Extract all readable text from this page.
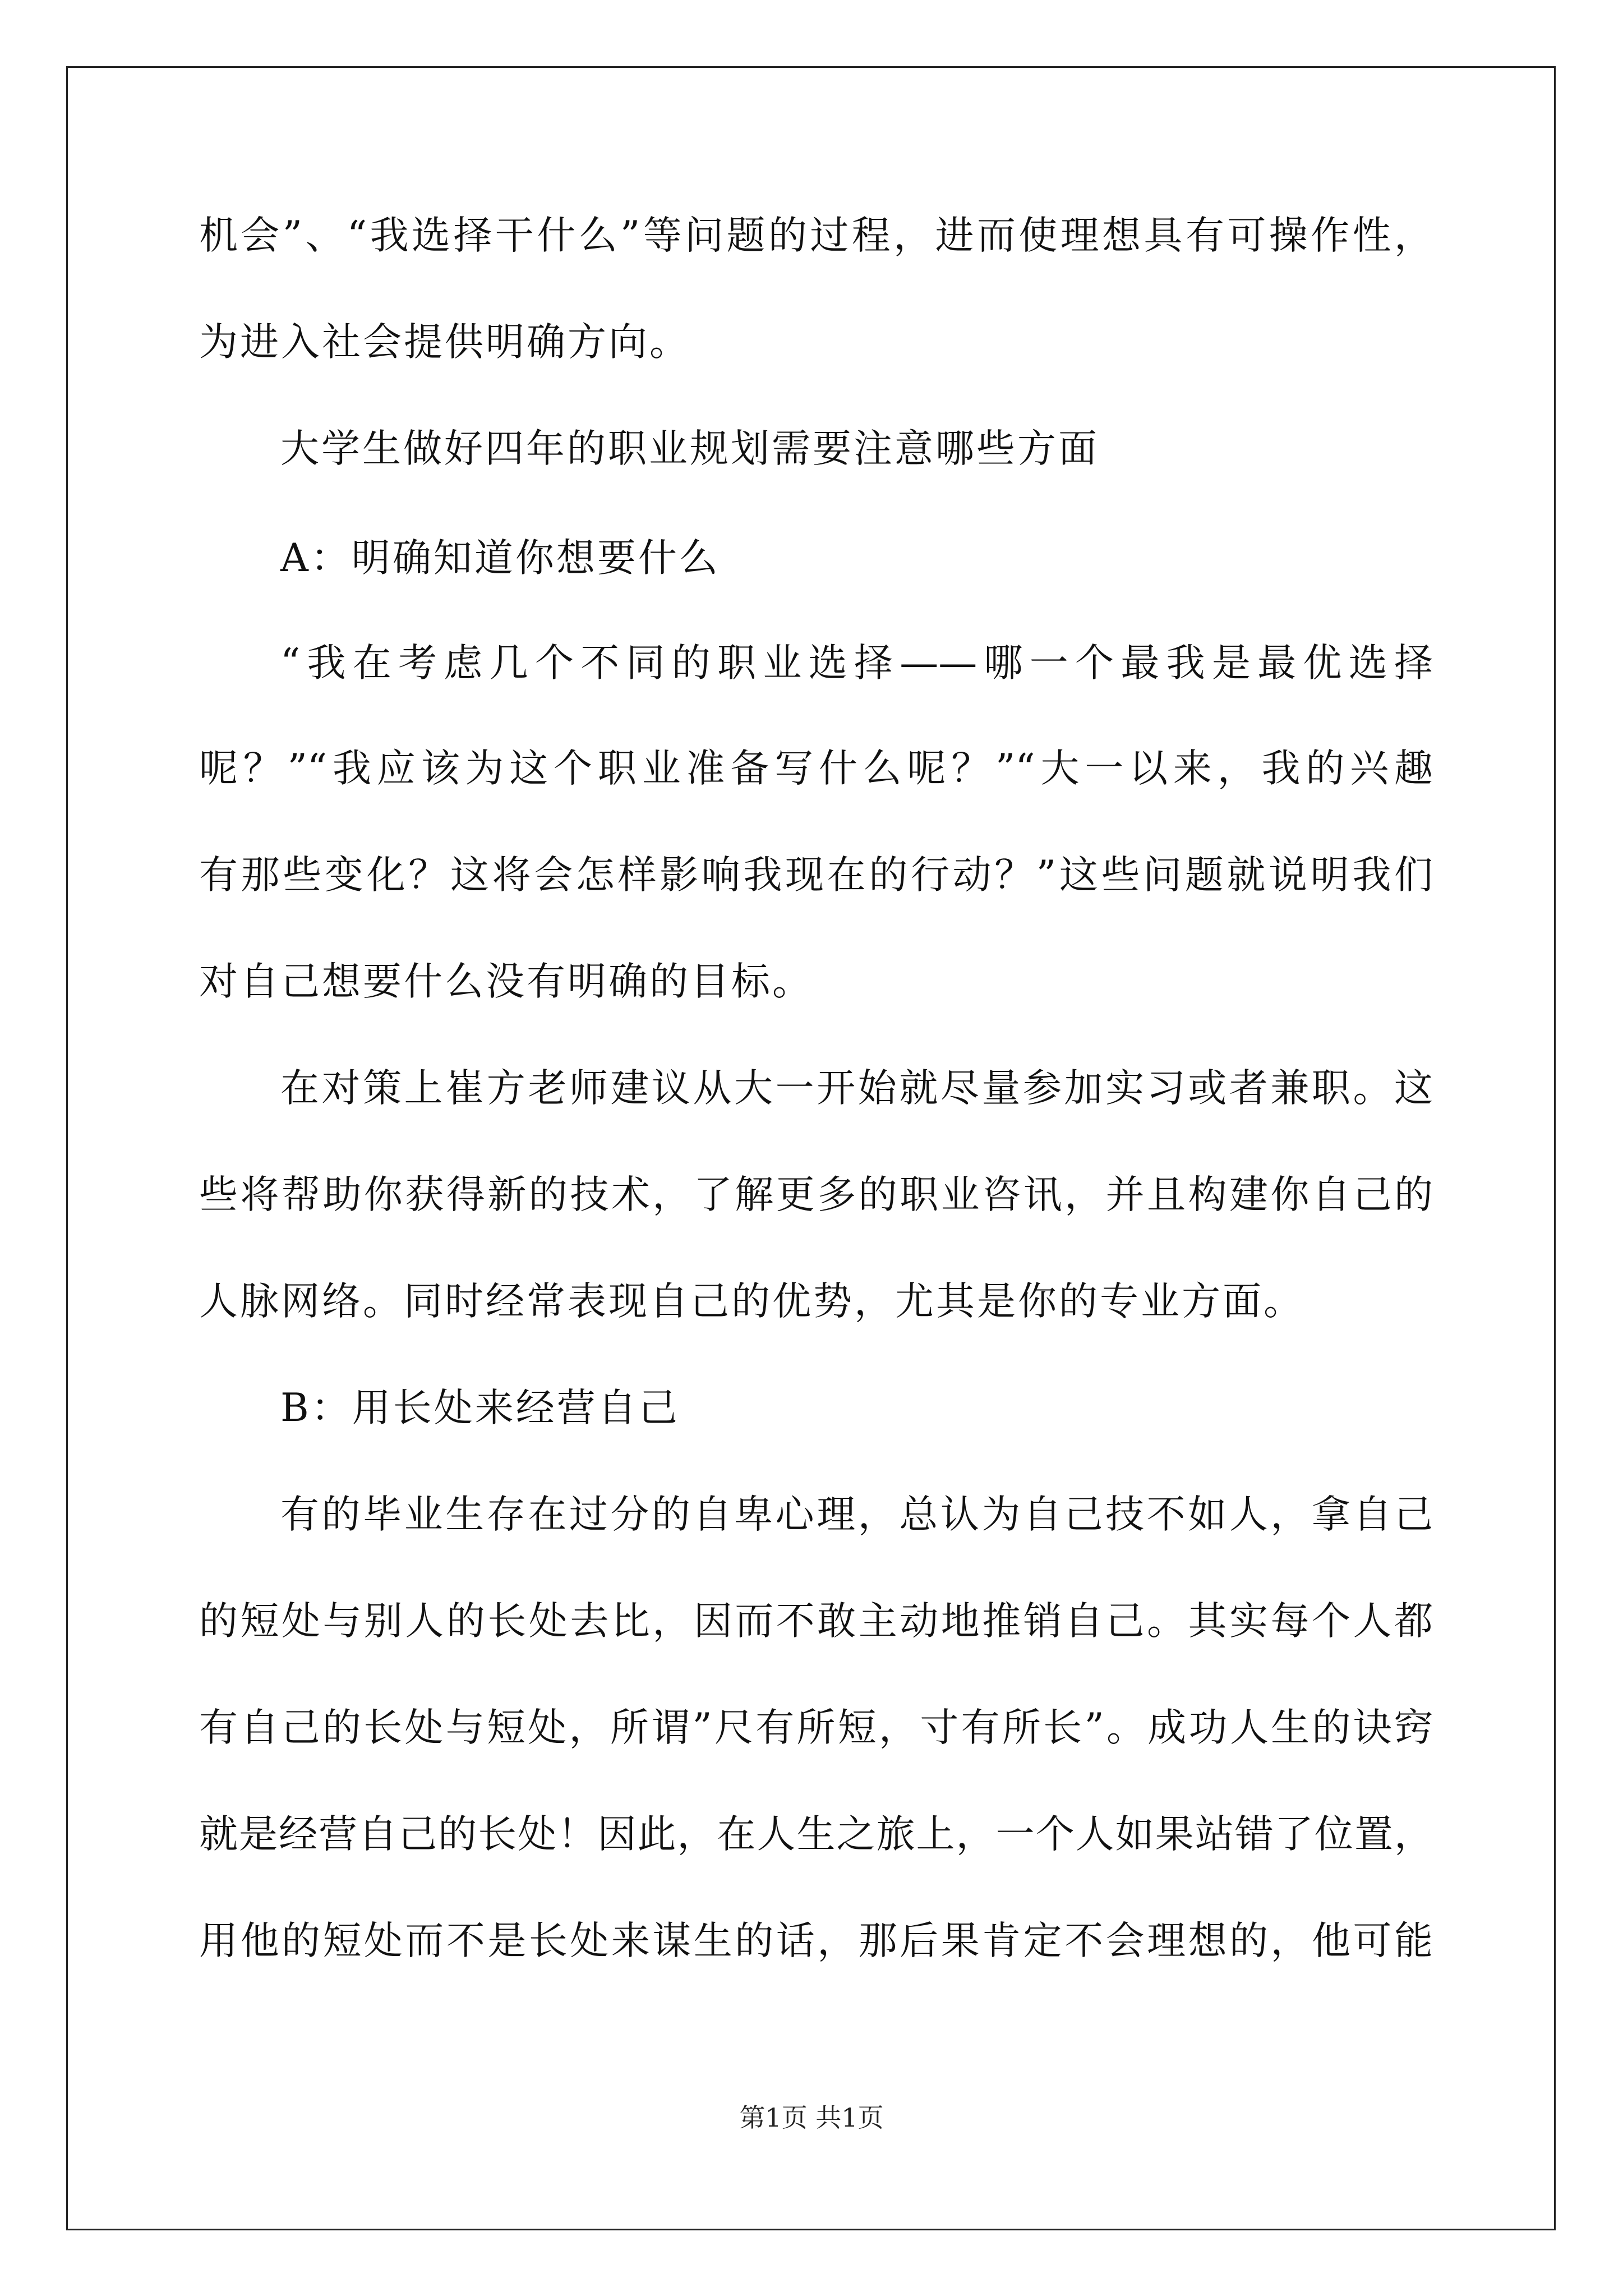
机会”、“我选择干什么”等问题的过程，进而使理想具有可操作性，
为进入社会提供明确方向。
大学生做好四年的职业规划需要注意哪些方面
A：明确知道你想要什么
“我在考虑几个不同的职业选择——哪一个最我是最优选择
呢？”“我应该为这个职业准备写什么呢？”“大一以来，我的兴趣
有那些变化？这将会怎样影响我现在的行动？”这些问题就说明我们
对自己想要什么没有明确的目标。
在对策上崔方老师建议从大一开始就尽量参加实习或者兼职。这
些将帮助你获得新的技术，了解更多的职业咨讯，并且构建你自己的
人脉网络。同时经常表现自己的优势，尤其是你的专业方面。
B：用长处来经营自己
有的毕业生存在过分的自卑心理，总认为自己技不如人，拿自己
的短处与别人的长处去比，因而不敢主动地推销自己。其实每个人都
有自己的长处与短处，所谓”尺有所短，寸有所长”。成功人生的诀窍
就是经营自己的长处！因此，在人生之旅上，一个人如果站错了位置，
用他的短处而不是长处来谋生的话，那后果肯定不会理想的，他可能
第1页 共1页
